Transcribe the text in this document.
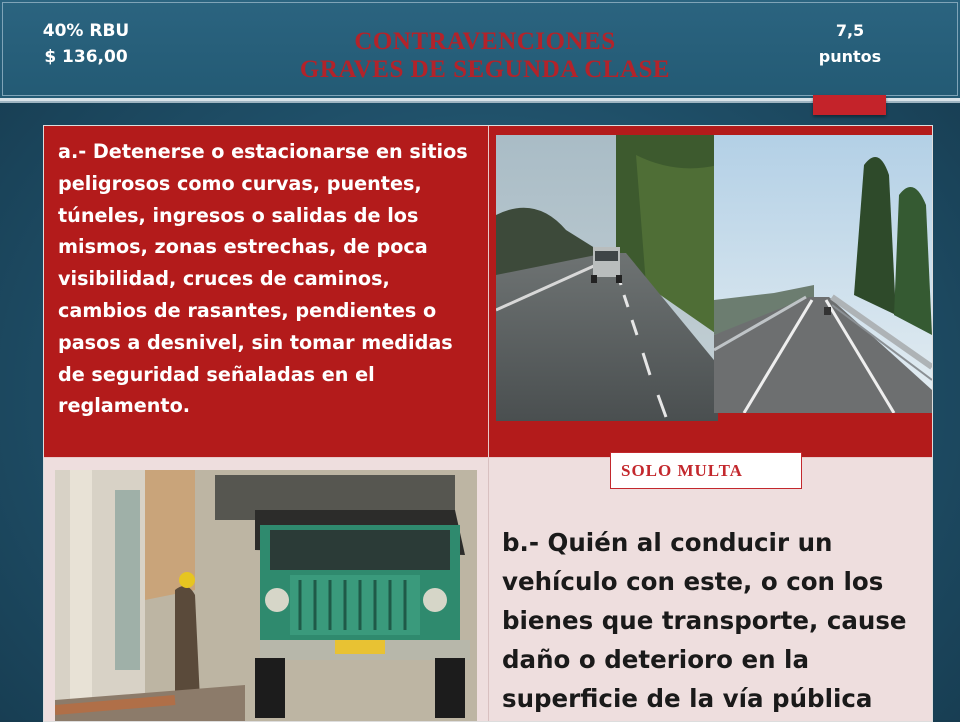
40% RBU
$ 136,00
CONTRAVENCIONES
GRAVES DE SEGUNDA CLASE
7,5
puntos
a.- Detenerse o estacionarse en sitios peligrosos como curvas, puentes, túneles, ingresos o salidas de los mismos, zonas estrechas, de poca visibilidad, cruces de caminos, cambios de rasantes, pendientes o pasos a desnivel, sin tomar medidas de seguridad señaladas en el reglamento.
b.- Quién al conducir un vehículo con este, o con los bienes que transporte, cause daño o deterioro en la superficie de la vía pública
SOLO MULTA
